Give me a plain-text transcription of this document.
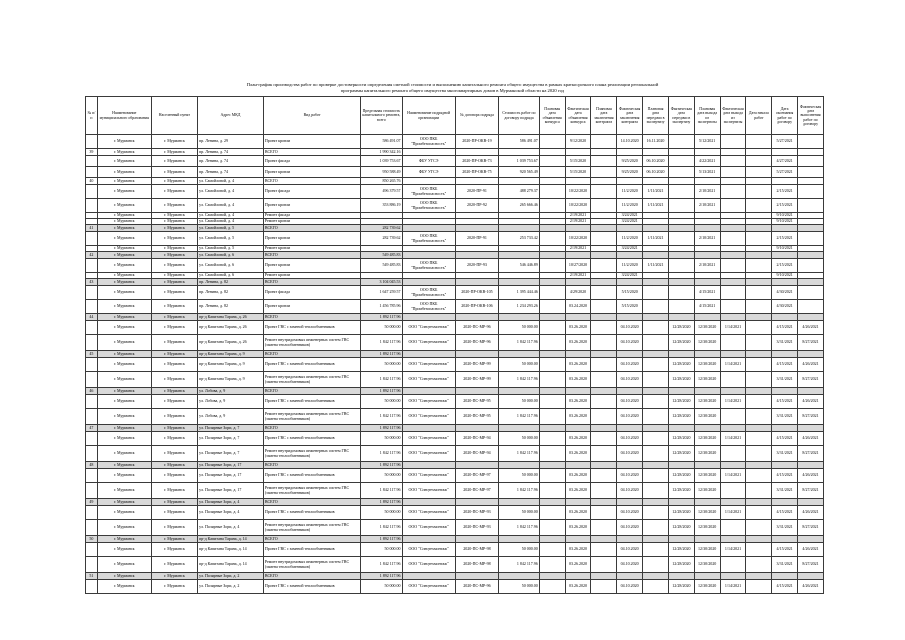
План-график производства работ по проверке достоверности определения сметной стоимости и выполнению капитального ремонта общего имущества в рамках краткосрочного плана реализации региональной
программы капитального ремонта общего имущества многоквартирных домов в Мурманской области на 2020 год
№ п/п	Наименование муниципального образования	Населенный пункт	Адрес МКД	Вид работ	Предельная стоимость капитального ремонта, всего	Наименование подрядной организации	№ договора подряда	Стоимость работ по договору подряда	Плановая дата объявления конкурса	Фактическая дата объявления конкурса	Плановая дата заключения контракта	Фактическая дата заключения контракта	Плановая дата передачи в экспертизу	Фактическая дата передачи в экспертизу	Плановая дата выхода из экспертизы	Фактическая дата выхода из экспертизы	Дата начала работ	Дата окончания работ по договору	Фактическая дата выполнения работ по договору
	г. Мурманск	г. Мурманск	пр. Ленина, д. 29	Проект кровли	586 491.07	ООО ПКБ "Промбезопасность"	2020-ПР-ОКВ-19	586 491.07		9/12/2020		14.10.2020	16.11.2020		5/12/2021			5/27/2021	
39	г. Мурманск	г. Мурманск	пр. Ленина, д. 74	ВСЕГО	1 990 342.16														
	г. Мурманск	г. Мурманск	пр. Ленина, д. 74	Проект фасада	1 039 753.67	ФБУ УГСЭ	2020-ПР-ОКВ-73	1 039 753.67		5/15/2020		9/25/2020	06.10.2020		4/22/2021			4/27/2021	
	г. Мурманск	г. Мурманск	пр. Ленина, д. 74	Проект кровли	950 588.49	ФБУ УГСЭ	2020-ПР-ОКВ-75	920 565.49		5/15/2020		9/25/2020	06.10.2020		5/13/2021			5/27/2021	
40	г. Мурманск	г. Мурманск	ул. Самойловой, д. 4	ВСЕГО	850 265.76														
	г. Мурманск	г. Мурманск	ул. Самойловой, д. 4	Проект фасада	496 379.57	ООО ПКБ "Промбезопасность"	2020-ПР-91	488 279.37		10/22/2020		11/2/2020	1/11/2021		2/10/2021			2/15/2021	
	г. Мурманск	г. Мурманск	ул. Самойловой, д. 4	Проект кровли	353 886.19	ООО ПКБ "Промбезопасность"	2020-ПР-92	265 666.46		10/22/2020		11/2/2020	1/11/2021		2/10/2021			2/15/2021	
	г. Мурманск	г. Мурманск	ул. Самойловой, д. 4	Ремонт фасада						2/19/2021		3/24/2021						9/10/2021	
	г. Мурманск	г. Мурманск	ул. Самойловой, д. 4	Ремонт кровли						2/19/2021		3/24/2021						9/10/2021	
41	г. Мурманск	г. Мурманск	ул. Самойловой, д. 5	ВСЕГО	282 739.62														
	г. Мурманск	г. Мурманск	ул. Самойловой, д. 5	Проект кровли	282 739.62	ООО ПКБ "Промбезопасность"	2020-ПР-91	253 733.42		10/22/2020		11/2/2020	1/11/2021		2/10/2021			2/15/2021	
	г. Мурманск	г. Мурманск	ул. Самойловой, д. 5	Ремонт кровли						2/19/2021		3/24/2021						9/10/2021	
42	г. Мурманск	г. Мурманск	ул. Самойловой, д. 6	ВСЕГО	549 485.83														
	г. Мурманск	г. Мурманск	ул. Самойловой, д. 6	Проект кровли	549 485.83	ООО ПКБ "Промбезопасность"	2020-ПР-93	546 446.89		10/27/2020		11/2/2020	1/11/2021		2/10/2021			2/15/2021	
	г. Мурманск	г. Мурманск	ул. Самойловой, д. 6	Ремонт кровли						2/19/2021		3/24/2021						9/10/2021	
43	г. Мурманск	г. Мурманск	пр. Ленина, д. 82	ВСЕГО	3 104 045.53														
	г. Мурманск	г. Мурманск	пр. Ленина, д. 82	Проект фасада	1 647 259.57	ООО ПКБ "Промбезопасность"	2020-ПР-ОКВ-105	1 395 444.46		4/29/2020		5/15/2020			4/15/2021			4/30/2021	
	г. Мурманск	г. Мурманск	пр. Ленина, д. 82	Проект кровли	1 456 785.96	ООО ПКБ "Промбезопасность"	2020-ПР-ОКВ-106	1 234 293.26		03.24.2020		5/15/2020			4/15/2021			4/30/2021	
44	г. Мурманск	г. Мурманск	пр-д Капитана Тарана, д. 26	ВСЕГО	1 892 117.96														
	г. Мурманск	г. Мурманск	пр-д Капитана Тарана, д. 26	Проект ГВС с заменой теплообменников	50 000.00	ООО "Спецтехмонтаж"	2020-ПС-МР-96	50 000.00		03.26.2020		04.10.2020		12/28/2020	12/30/2020	1/14/2021		4/15/2021	4/26/2021
	г. Мурманск	г. Мурманск	пр-д Капитана Тарана, д. 26	Ремонт внутридомовых инженерных систем ГВС (замена теплообменников)	1 842 117.96	ООО "Спецтехмонтаж"	2020-ПС-МР-96	1 842 117.96		03.26.2020		04.10.2020		12/28/2020	12/30/2020			3/31/2021	8/27/2021
45	г. Мурманск	г. Мурманск	пр-д Капитана Тарана, д. 9	ВСЕГО	1 892 117.96														
	г. Мурманск	г. Мурманск	пр-д Капитана Тарана, д. 9	Проект ГВС с заменой теплообменников	50 000.00	ООО "Спецтехмонтаж"	2020-ПС-МР-99	50 000.00		03.26.2020		04.10.2020		12/28/2020	12/30/2020	1/14/2021		4/15/2021	4/26/2021
	г. Мурманск	г. Мурманск	пр-д Капитана Тарана, д. 9	Ремонт внутридомовых инженерных систем ГВС (замена теплообменников)	1 842 117.96	ООО "Спецтехмонтаж"	2020-ПС-МР-99	1 842 117.96		03.26.2020		04.10.2020		12/28/2020	12/30/2020			3/31/2021	8/27/2021
46	г. Мурманск	г. Мурманск	ул. Лобова, д. 9	ВСЕГО	1 892 117.96														
	г. Мурманск	г. Мурманск	ул. Лобова, д. 9	Проект ГВС с заменой теплообменников	50 000.00	ООО "Спецтехмонтаж"	2020-ПС-МР-95	50 000.00		03.26.2020		04.10.2020		12/28/2020	12/30/2020	1/14/2021		4/15/2021	4/26/2021
	г. Мурманск	г. Мурманск	ул. Лобова, д. 9	Ремонт внутридомовых инженерных систем ГВС (замена теплообменников)	1 842 117.96	ООО "Спецтехмонтаж"	2020-ПС-МР-95	1 842 117.96		03.26.2020		04.10.2020		12/28/2020	12/30/2020			3/31/2021	8/27/2021
47	г. Мурманск	г. Мурманск	ул. Полярные Зори, д. 7	ВСЕГО	1 892 117.96														
	г. Мурманск	г. Мурманск	ул. Полярные Зори, д. 7	Проект ГВС с заменой теплообменников	50 000.00	ООО "Спецтехмонтаж"	2020-ПС-МР-94	50 000.00		03.26.2020		04.10.2020		12/28/2020	12/30/2020	1/14/2021		4/15/2021	4/26/2021
	г. Мурманск	г. Мурманск	ул. Полярные Зори, д. 7	Ремонт внутридомовых инженерных систем ГВС (замена теплообменников)	1 842 117.96	ООО "Спецтехмонтаж"	2020-ПС-МР-94	1 842 117.96		03.26.2020		04.10.2020		12/28/2020	12/30/2020			3/31/2021	8/27/2021
48	г. Мурманск	г. Мурманск	ул. Полярные Зори, д. 17	ВСЕГО	1 892 117.96														
	г. Мурманск	г. Мурманск	ул. Полярные Зори, д. 17	Проект ГВС с заменой теплообменников	50 000.00	ООО "Спецтехмонтаж"	2020-ПС-МР-97	50 000.00		03.26.2020		04.10.2020		12/28/2020	12/30/2020	1/14/2021		4/15/2021	4/26/2021
	г. Мурманск	г. Мурманск	ул. Полярные Зори, д. 17	Ремонт внутридомовых инженерных систем ГВС (замена теплообменников)	1 842 117.96	ООО "Спецтехмонтаж"	2020-ПС-МР-97	1 842 117.96		03.26.2020		04.10.2020		12/28/2020	12/30/2020			3/31/2021	8/27/2021
49	г. Мурманск	г. Мурманск	ул. Полярные Зори, д. 4	ВСЕГО	1 892 117.96														
	г. Мурманск	г. Мурманск	ул. Полярные Зори, д. 4	Проект ГВС с заменой теплообменников	50 000.00	ООО "Спецтехмонтаж"	2020-ПС-МР-93	50 000.00		03.26.2020		04.10.2020		12/28/2020	12/30/2020	1/14/2021		4/15/2021	4/26/2021
	г. Мурманск	г. Мурманск	ул. Полярные Зори, д. 4	Ремонт внутридомовых инженерных систем ГВС (замена теплообменников)	1 842 117.96	ООО "Спецтехмонтаж"	2020-ПС-МР-93	1 842 117.96		03.26.2020		04.10.2020		12/28/2020	12/30/2020			3/31/2021	8/27/2021
50	г. Мурманск	г. Мурманск	пр-д Капитана Тарана, д. 14	ВСЕГО	1 892 117.96														
	г. Мурманск	г. Мурманск	пр-д Капитана Тарана, д. 14	Проект ГВС с заменой теплообменников	50 000.00	ООО "Спецтехмонтаж"	2020-ПС-МР-98	50 000.00		03.26.2020		04.10.2020		12/28/2020	12/30/2020	1/14/2021		4/15/2021	4/26/2021
	г. Мурманск	г. Мурманск	пр-д Капитана Тарана, д. 14	Ремонт внутридомовых инженерных систем ГВС (замена теплообменников)	1 842 117.96	ООО "Спецтехмонтаж"	2020-ПС-МР-98	1 842 117.96		03.26.2020		04.10.2020		12/28/2020	12/30/2020			3/31/2021	8/27/2021
51	г. Мурманск	г. Мурманск	ул. Полярные Зори, д. 2	ВСЕГО	1 892 117.96														
	г. Мурманск	г. Мурманск	ул. Полярные Зори, д. 2	Проект ГВС с заменой теплообменников	50 000.00	ООО "Спецтехмонтаж"	2020-ПС-МР-96	50 000.00		03.26.2020		04.10.2020		12/28/2020	12/30/2020	1/14/2021		4/15/2021	4/26/2021
